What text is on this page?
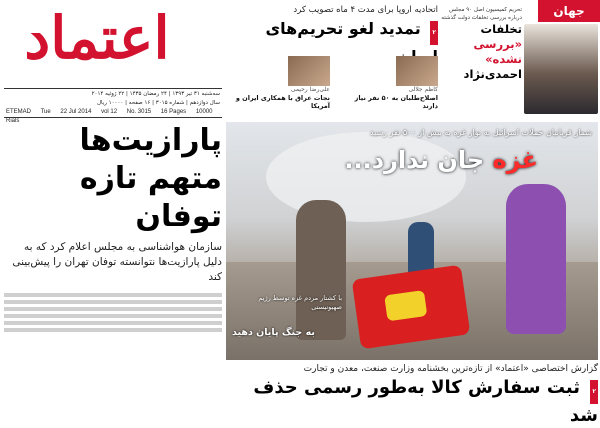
اعتماد
سه‌شنبه ۳۱ تیر ۱۳۹۳ | ۲۴ رمضان ۱۴۳۵ | ۲۲ ژوئیه ۲۰۱۴
سال دوازدهم | شماره ۳۰۱۵ | ۱۶ صفحه | ۱۰۰۰۰ ریال
ETEMAD Tue 22 Jul 2014 vol 12 No. 3015 16 Pages 10000 Rials
اتحادیه اروپا برای مدت ۴ ماه تصویب کرد
۲ تمدید لغو تحریم‌های
کاظم جلالی
اصلاح‌طلبان به ۵۰ نفر نیاز دارند
علی‌رضا رحیمی
نجات عراق با همکاری ایران و آمریکا
جهان
تحریم کمیسیون اصل ۹۰ مجلس درباره بررسی تخلفات دولت گذشته
تخلفات
«بررسی نشده»
احمدی‌نژاد
پارازیت‌ها
متهم تازه توفان
سازمان هواشناسی به مجلس اعلام کرد که به دلیل پارازیت‌ها نتوانسته توفان تهران را پیش‌بینی کند
شمار قربانیان حملات اسرائیل به نوار غزه به بیش از ۵۰۰ نفر رسید
غزه جان ندارد...
با کشتار مردم غزه توسط رژیم صهیونیستی
به جنگ پایان دهید
گزارش اختصاصی «اعتماد» از تازه‌ترین بخشنامه وزارت صنعت، معدن و تجارت
۲ ثبت سفارش کالا به‌طور رسمی حذف شد
